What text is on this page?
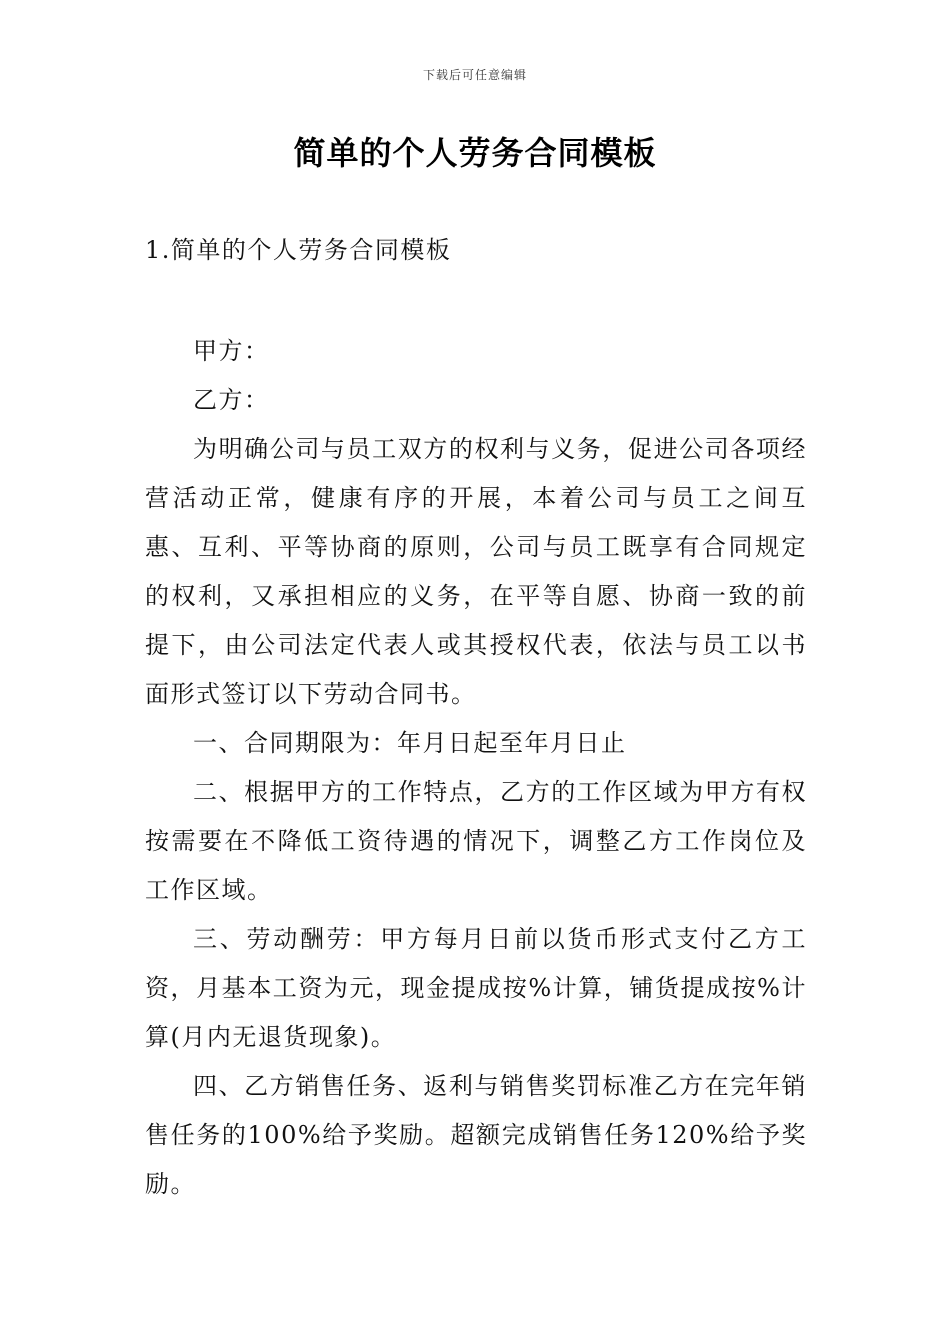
下载后可任意编辑
简单的个人劳务合同模板
1.简单的个人劳务合同模板

甲方：

乙方：

为明确公司与员工双方的权利与义务，促进公司各项经营活动正常，健康有序的开展，本着公司与员工之间互惠、互利、平等协商的原则，公司与员工既享有合同规定的权利，又承担相应的义务，在平等自愿、协商一致的前提下，由公司法定代表人或其授权代表，依法与员工以书面形式签订以下劳动合同书。

一、合同期限为：年月日起至年月日止

二、根据甲方的工作特点，乙方的工作区域为甲方有权按需要在不降低工资待遇的情况下，调整乙方工作岗位及工作区域。

三、劳动酬劳：甲方每月日前以货币形式支付乙方工资，月基本工资为元，现金提成按%计算，铺货提成按%计算(月内无退货现象)。

四、乙方销售任务、返利与销售奖罚标准乙方在完年销售任务的100%给予奖励。超额完成销售任务120%给予奖励。
